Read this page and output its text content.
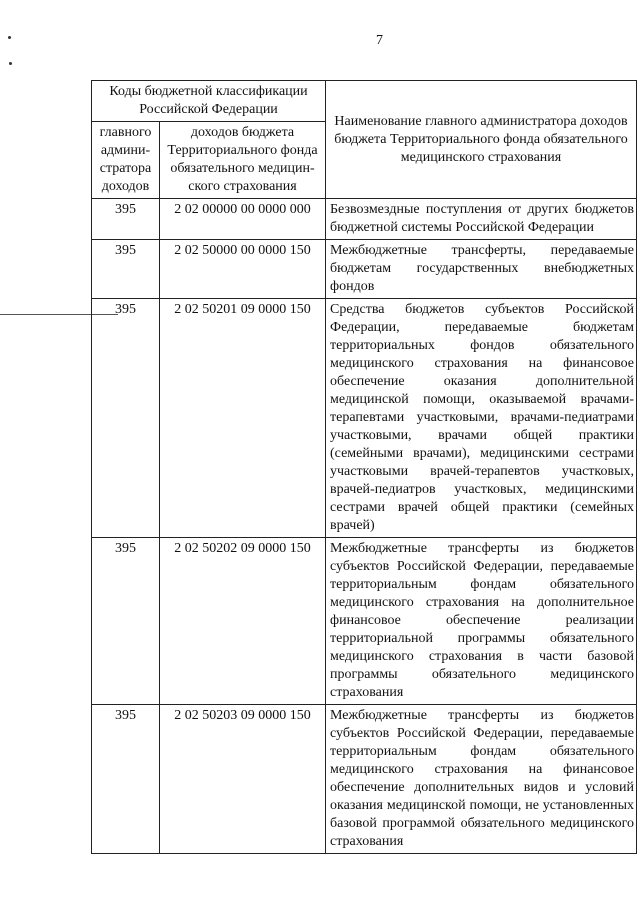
7
Коды бюджетной классификации Российской Федерации		Наименование главного администратора доходов бюджета Территориального фонда обязательного медицинского страхования
главного админи-стратора доходов	доходов бюджета Территориального фонда обязательного медицин-ского страхования	
395	2 02 00000 00 0000 000	Безвозмездные поступления от других бюджетов бюджетной системы Российской Федерации
395	2 02 50000 00 0000 150	Межбюджетные трансферты, передаваемые бюджетам государственных внебюджетных фондов
395	2 02 50201 09 0000 150	Средства бюджетов субъектов Российской Федерации, передаваемые бюджетам территориальных фондов обязательного медицинского страхования на финансовое обеспечение оказания дополнительной медицинской помощи, оказываемой врачами-терапевтами участковыми, врачами-педиатрами участковыми, врачами общей практики (семейными врачами), медицинскими сестрами участковыми врачей-терапевтов участковых, врачей-педиатров участковых, медицинскими сестрами врачей общей практики (семейных врачей)
395	2 02 50202 09 0000 150	Межбюджетные трансферты из бюджетов субъектов Российской Федерации, передаваемые территориальным фондам обязательного медицинского страхования на дополнительное финансовое обеспечение реализации территориальной программы обязательного медицинского страхования в части базовой программы обязательного медицинского страхования
395	2 02 50203 09 0000 150	Межбюджетные трансферты из бюджетов субъектов Российской Федерации, передаваемые территориальным фондам обязательного медицинского страхования на финансовое обеспечение дополнительных видов и условий оказания медицинской помощи, не установленных базовой программой обязательного медицинского страхования
